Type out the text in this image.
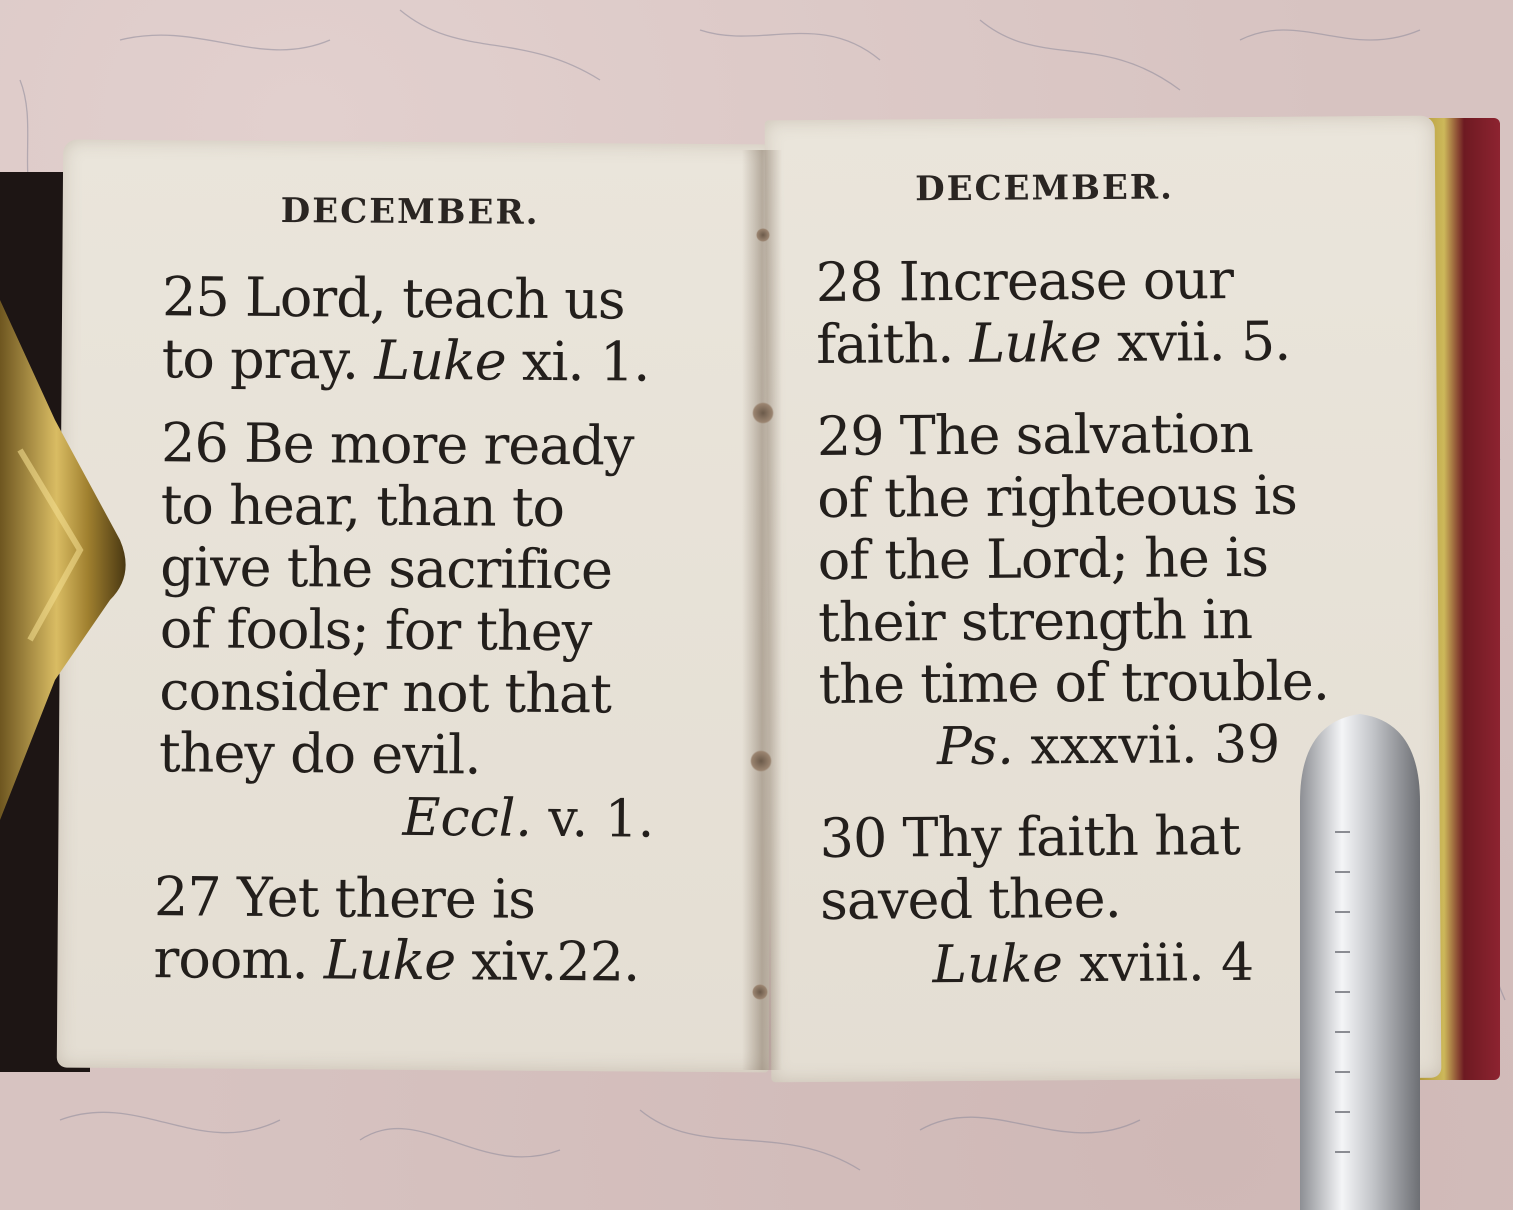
DECEMBER.
25 Lord, teach us
to pray. Luke xi. 1.
26 Be more ready
to hear, than to
give the sacrifice
of fools; for they
consider not that
they do evil.
Eccl. v. 1.
27 Yet there is
room. Luke xiv.22.
DECEMBER.
28 Increase our
faith. Luke xvii. 5.
29 The salvation
of the righteous is
of the Lord; he is
their strength in
the time of trouble.
Ps. xxxvii. 39
30 Thy faith hat
saved thee.
Luke xviii. 4
